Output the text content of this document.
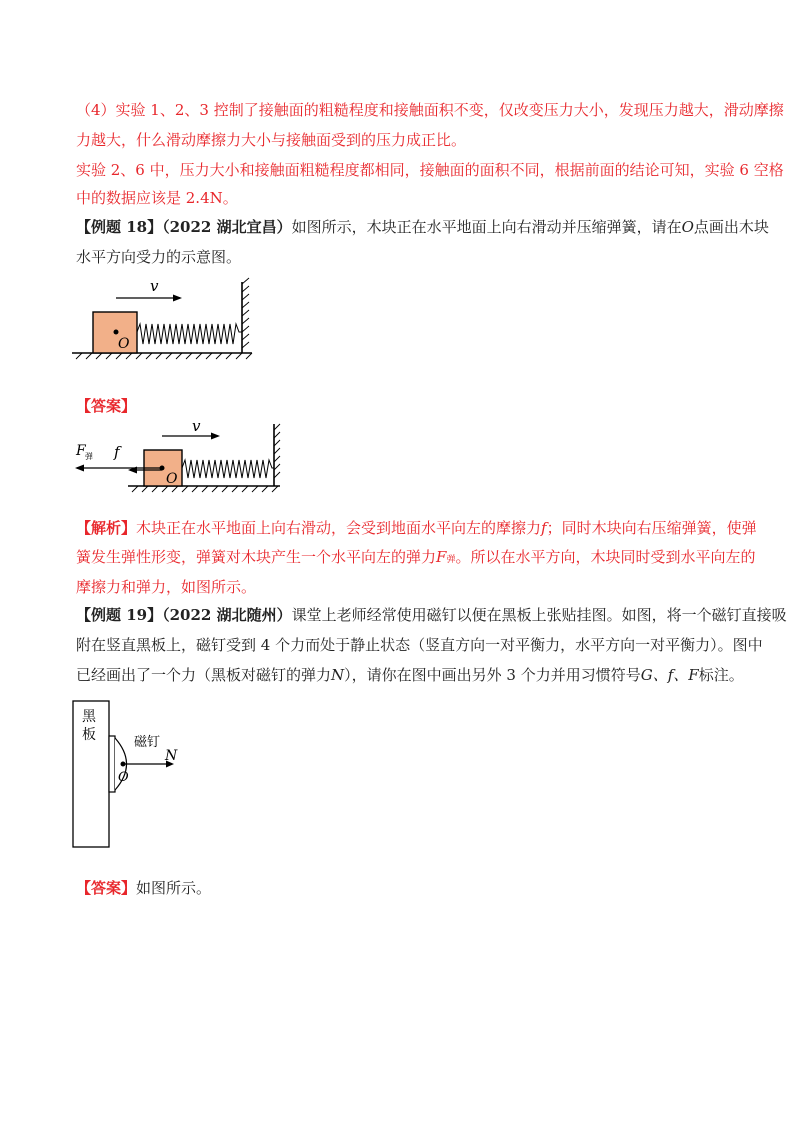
（4）实验 1、2、3 控制了接触面的粗糙程度和接触面积不变，仅改变压力大小，发现压力越大，滑动摩擦
力越大，什么滑动摩擦力大小与接触面受到的压力成正比。
实验 2、6 中，压力大小和接触面粗糙程度都相同，接触面的面积不同，根据前面的结论可知，实验 6 空格
中的数据应该是 2.4N。
【例题 18】（2022 湖北宜昌）如图所示，木块正在水平地面上向右滑动并压缩弹簧，请在O点画出木块
水平方向受力的示意图。
O
v
【答案】
O
v
F 弹 f
【解析】木块正在水平地面上向右滑动，会受到地面水平向左的摩擦力f；同时木块向右压缩弹簧，使弹
簧发生弹性形变，弹簧对木块产生一个水平向左的弹力F弹。所以在水平方向，木块同时受到水平向左的
摩擦力和弹力，如图所示。
【例题 19】（2022 湖北随州）课堂上老师经常使用磁钉以便在黑板上张贴挂图。如图，将一个磁钉直接吸
附在竖直黑板上，磁钉受到 4 个力而处于静止状态（竖直方向一对平衡力，水平方向一对平衡力）。图中
已经画出了一个力（黑板对磁钉的弹力N），请你在图中画出另外 3 个力并用习惯符号G、f、F标注。
黑
板
O
磁钉
N
【答案】如图所示。
